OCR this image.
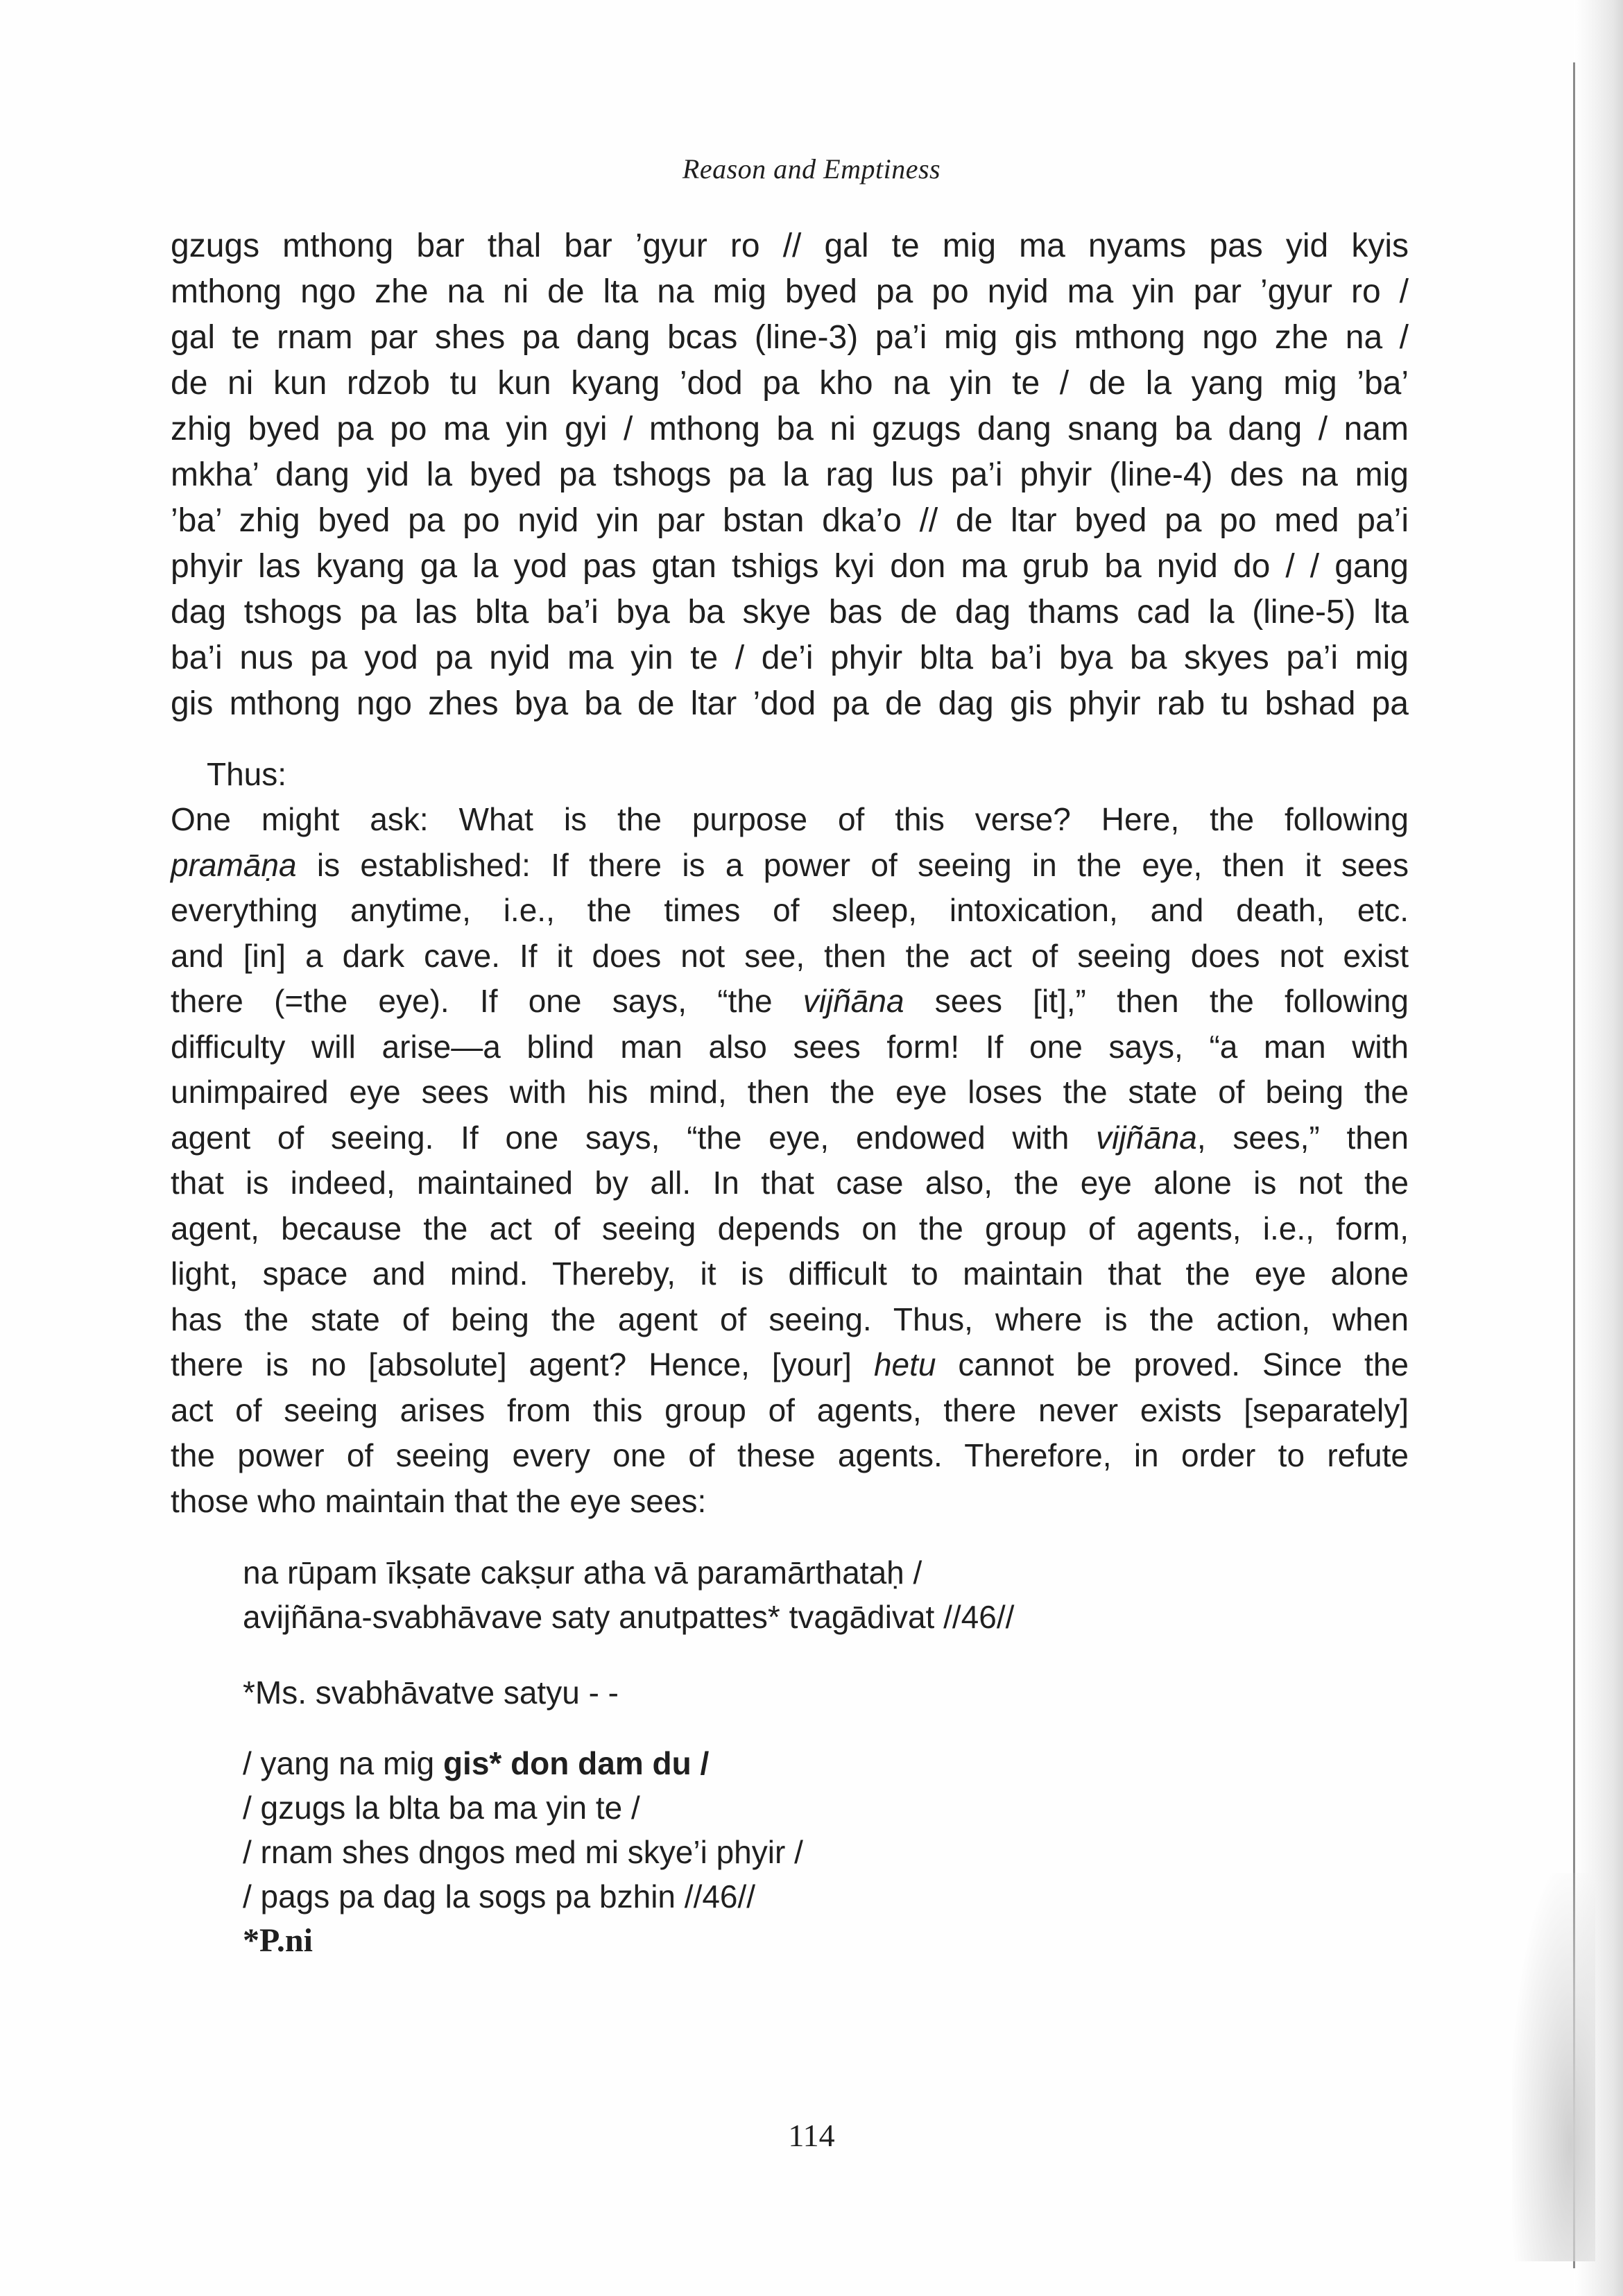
Reason and Emptiness
gzugs mthong bar thal bar ’gyur ro // gal te mig ma nyams pas yid kyis
mthong ngo zhe na ni de lta na mig byed pa po nyid ma yin par ’gyur ro /
gal te rnam par shes pa dang bcas (line-3) pa’i mig gis mthong ngo zhe na /
de ni kun rdzob tu kun kyang ’dod pa kho na yin te / de la yang mig ’ba’
zhig byed pa po ma yin gyi / mthong ba ni gzugs dang snang ba dang / nam
mkha’ dang yid la byed pa tshogs pa la rag lus pa’i phyir (line-4) des na mig
’ba’ zhig byed pa po nyid yin par bstan dka’o // de ltar byed pa po med pa’i
phyir las kyang ga la yod pas gtan tshigs kyi don ma grub ba nyid do / / gang
dag tshogs pa las blta ba’i bya ba skye bas de dag thams cad la (line-5) lta
ba’i nus pa yod pa nyid ma yin te / de’i phyir blta ba’i bya ba skyes pa’i mig
gis mthong ngo zhes bya ba de ltar ’dod pa de dag gis phyir rab tu bshad pa
Thus:
One might ask: What is the purpose of this verse? Here, the following
pramāṇa is established: If there is a power of seeing in the eye, then it sees
everything anytime, i.e., the times of sleep, intoxication, and death, etc.
and [in] a dark cave. If it does not see, then the act of seeing does not exist
there (=the eye). If one says, “the vijñāna sees [it],” then the following
difficulty will arise—a blind man also sees form! If one says, “a man with
unimpaired eye sees with his mind, then the eye loses the state of being the
agent of seeing. If one says, “the eye, endowed with vijñāna, sees,” then
that is indeed, maintained by all. In that case also, the eye alone is not the
agent, because the act of seeing depends on the group of agents, i.e., form,
light, space and mind. Thereby, it is difficult to maintain that the eye alone
has the state of being the agent of seeing. Thus, where is the action, when
there is no [absolute] agent? Hence, [your] hetu cannot be proved. Since the
act of seeing arises from this group of agents, there never exists [separately]
the power of seeing every one of these agents. Therefore, in order to refute
those who maintain that the eye sees:
na rūpam īkṣate cakṣur atha vā paramārthataḥ /
avijñāna-svabhāvave saty anutpattes* tvagādivat //46//
*Ms. svabhāvatve satyu - -
/ yang na mig gis* don dam du /
/ gzugs la blta ba ma yin te /
/ rnam shes dngos med mi skye’i phyir /
/ pags pa dag la sogs pa bzhin //46//
*P.ni
114
